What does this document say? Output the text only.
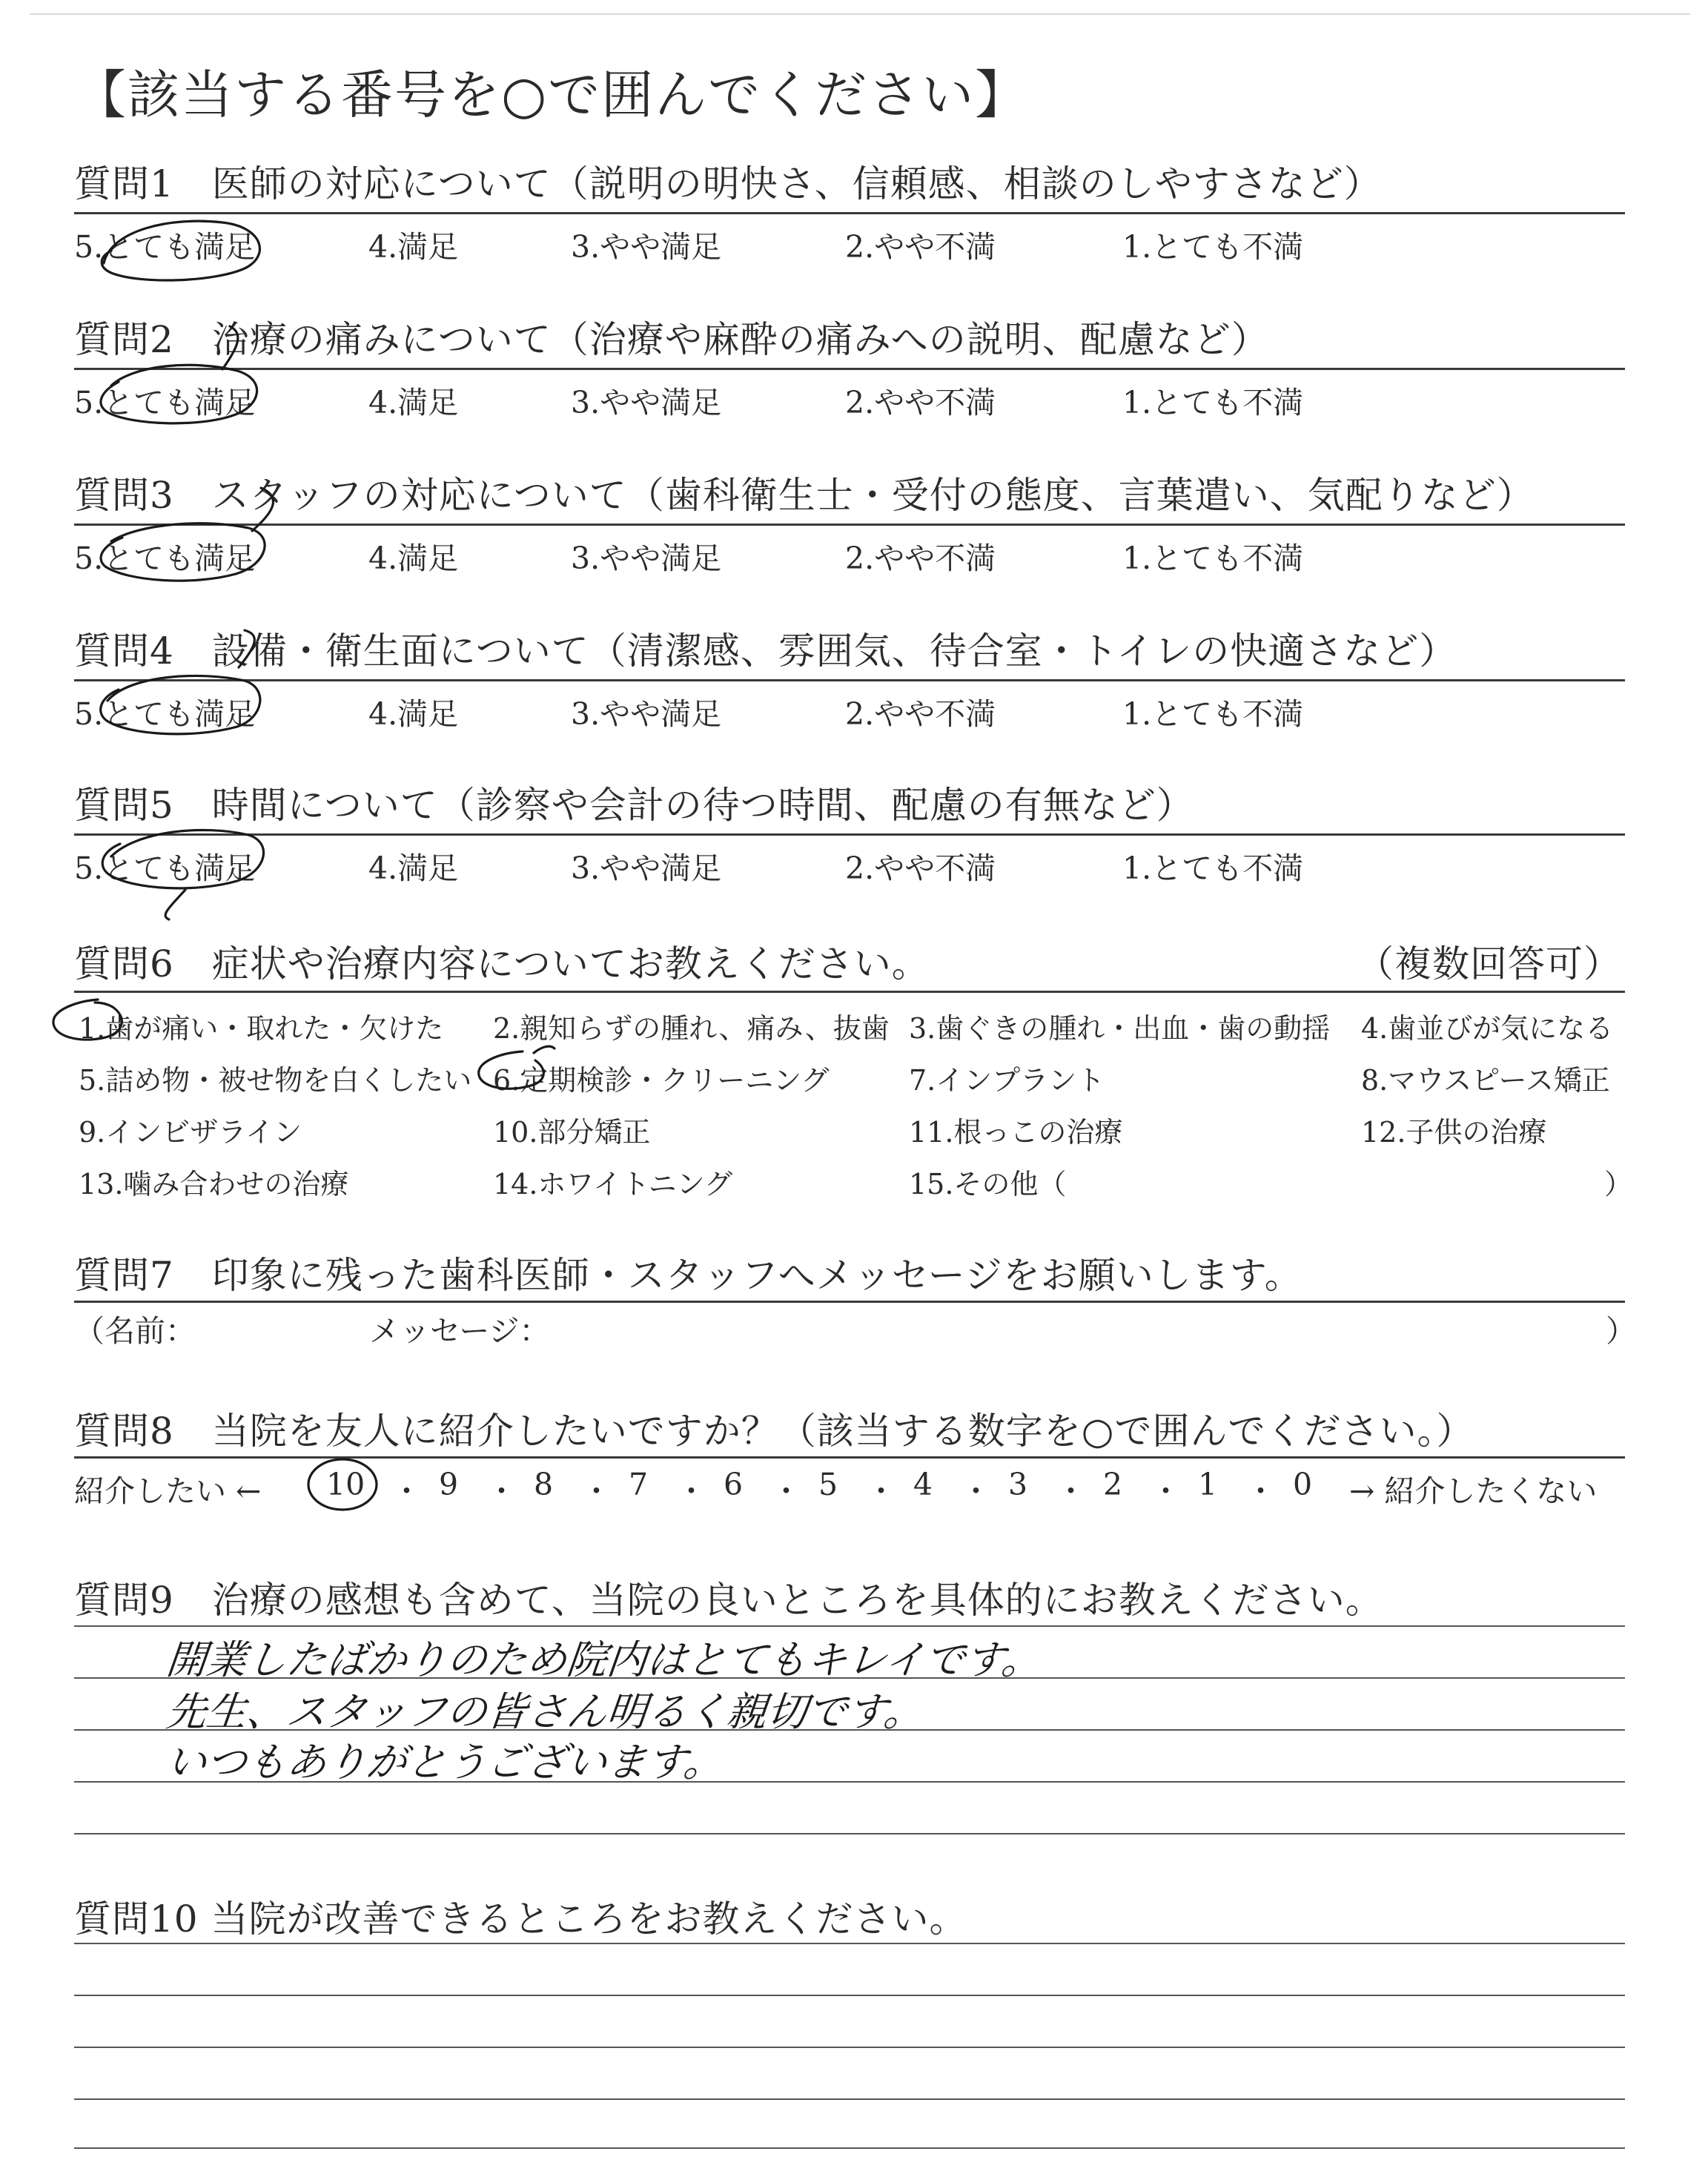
【該当する番号を○で囲んでください】
質問1　医師の対応について（説明の明快さ、信頼感、相談のしやすさなど）
5.とても満足	4.満足	3.やや満足	2.やや不満	1.とても不満
質問2　治療の痛みについて（治療や麻酔の痛みへの説明、配慮など）
5.とても満足	4.満足	3.やや満足	2.やや不満	1.とても不満
質問3　スタッフの対応について（歯科衛生士・受付の態度、言葉遣い、気配りなど）
5.とても満足	4.満足	3.やや満足	2.やや不満	1.とても不満
質問4　設備・衛生面について（清潔感、雰囲気、待合室・トイレの快適さなど）
5.とても満足	4.満足	3.やや満足	2.やや不満	1.とても不満
質問5　時間について（診察や会計の待つ時間、配慮の有無など）
5.とても満足	4.満足	3.やや満足	2.やや不満	1.とても不満
質問6　症状や治療内容についてお教えください。	（複数回答可）
1.歯が痛い・取れた・欠けた 2.親知らずの腫れ、痛み、抜歯 3.歯ぐきの腫れ・出血・歯の動揺 4.歯並びが気になる
5.詰め物・被せ物を白くしたい 6.定期検診・クリーニング	7.インプラント	8.マウスピース矯正
9.インビザライン	10.部分矯正	11.根っこの治療	12.子供の治療
13.噛み合わせの治療	14.ホワイトニング	15.その他（	）
質問7　印象に残った歯科医師・スタッフへメッセージをお願いします。
（名前：	メッセージ：	）
質問8　当院を友人に紹介したいですか？（該当する数字を○で囲んでください。）
紹介したい ← 10 ・ 9 ・ 8 ・ 7 ・ 6 ・ 5 ・ 4 ・ 3 ・ 2 ・ 1 ・ 0 → 紹介したくない
質問9　治療の感想も含めて、当院の良いところを具体的にお教えください。
開業したばかりのため院内はとてもキレイです。
先生、スタッフの皆さん明るく親切です。
いつもありがとうございます。
質問10 当院が改善できるところをお教えください。
